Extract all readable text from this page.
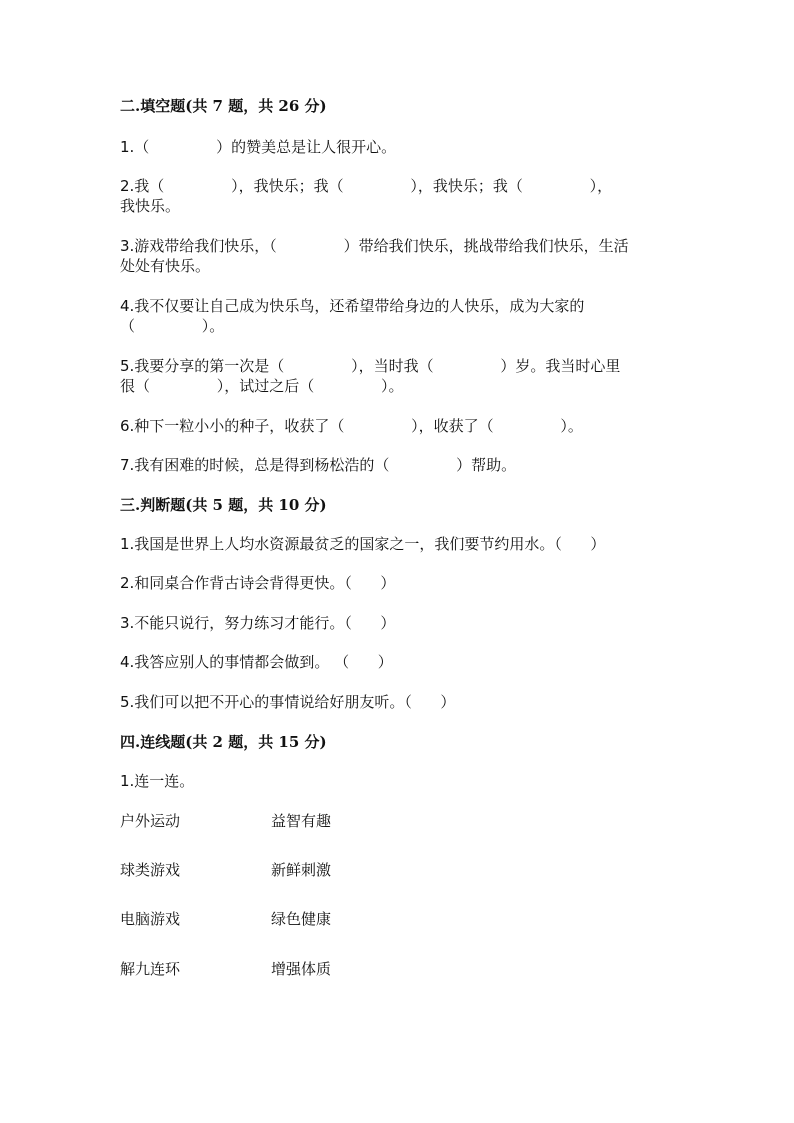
二.填空题(共 7 题，共 26 分)
1.（              ）的赞美总是让人很开心。
2.我（              ），我快乐；我（              ），我快乐；我（              ），
我快乐。
3.游戏带给我们快乐，（              ）带给我们快乐，挑战带给我们快乐，生活
处处有快乐。
4.我不仅要让自己成为快乐鸟，还希望带给身边的人快乐，成为大家的
（              ）。
5.我要分享的第一次是（              ），当时我（              ）岁。我当时心里
很（              ），试过之后（              ）。
6.种下一粒小小的种子，收获了（              ），收获了（              ）。
7.我有困难的时候，总是得到杨松浩的（              ）帮助。
三.判断题(共 5 题，共 10 分)
1.我国是世界上人均水资源最贫乏的国家之一，我们要节约用水。（      ）
2.和同桌合作背古诗会背得更快。（      ）
3.不能只说行，努力练习才能行。（      ）
4.我答应别人的事情都会做到。 （      ）
5.我们可以把不开心的事情说给好朋友听。（      ）
四.连线题(共 2 题，共 15 分)
1.连一连。
户外运动	益智有趣
球类游戏	新鲜刺激
电脑游戏	绿色健康
解九连环	增强体质
